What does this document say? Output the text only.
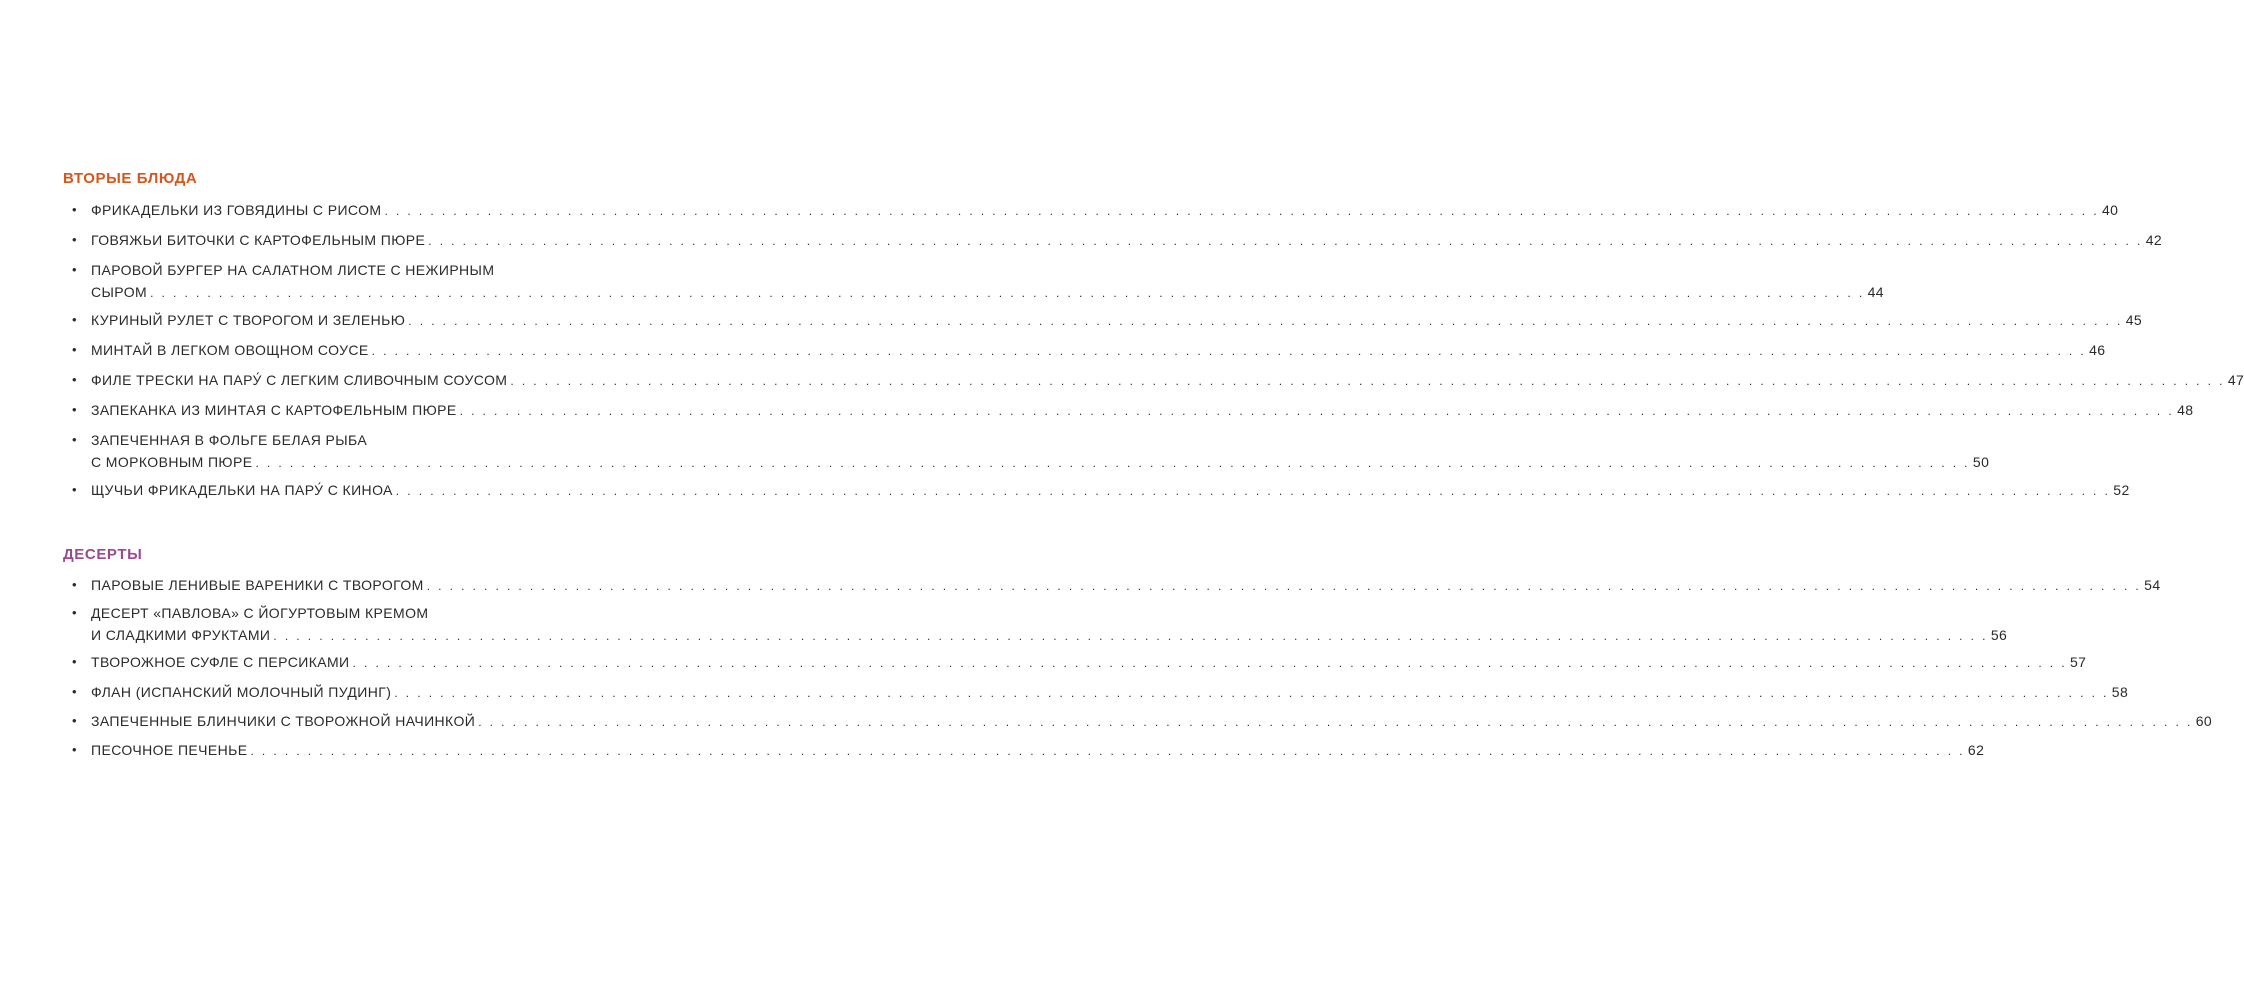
ВТОРЫЕ БЛЮДА
•	ФРИКАДЕЛЬКИ ИЗ ГОВЯДИНЫ С РИСОМ . . . . . . . . . . . . . . . . . . . . . . . . . . . . . . . . . . . . . . . . . . . . . . . . . . . . . . . . . . . . . . . . . . . . . . . . . . . . . . . . . . . . . . . . . . . . . . . . . . . . . . . . . . . . . . . . . . . . . . . . . . . . . . . . . . . . . . . . . . . . . . . . . . . . . . 40
•	ГОВЯЖЬИ БИТОЧКИ С КАРТОФЕЛЬНЫМ ПЮРЕ . . . . . . . . . . . . . . . . . . . . . . . . . . . . . . . . . . . . . . . . . . . . . . . . . . . . . . . . . . . . . . . . . . . . . . . . . . . . . . . . . . . . . . . . . . . . . . . . . . . . . . . . . . . . . . . . . . . . . . . . . . . . . . . . . . . . . . . . . . . . . . . . . . . . . . 42
•	ПАРОВОЙ БУРГЕР НА САЛАТНОМ ЛИСТЕ С НЕЖИРНЫМ
СЫРОМ . . . . . . . . . . . . . . . . . . . . . . . . . . . . . . . . . . . . . . . . . . . . . . . . . . . . . . . . . . . . . . . . . . . . . . . . . . . . . . . . . . . . . . . . . . . . . . . . . . . . . . . . . . . . . . . . . . . . . . . . . . . . . . . . . . . . . . . . . . . . . . . . . . . . . . 44
•	КУРИНЫЙ РУЛЕТ С ТВОРОГОМ И ЗЕЛЕНЬЮ . . . . . . . . . . . . . . . . . . . . . . . . . . . . . . . . . . . . . . . . . . . . . . . . . . . . . . . . . . . . . . . . . . . . . . . . . . . . . . . . . . . . . . . . . . . . . . . . . . . . . . . . . . . . . . . . . . . . . . . . . . . . . . . . . . . . . . . . . . . . . . . . . . . . . . 45
•	МИНТАЙ В ЛЕГКОМ ОВОЩНОМ СОУСЕ . . . . . . . . . . . . . . . . . . . . . . . . . . . . . . . . . . . . . . . . . . . . . . . . . . . . . . . . . . . . . . . . . . . . . . . . . . . . . . . . . . . . . . . . . . . . . . . . . . . . . . . . . . . . . . . . . . . . . . . . . . . . . . . . . . . . . . . . . . . . . . . . . . . . . . 46
•	ФИЛЕ ТРЕСКИ НА ПАРУ́ С ЛЕГКИМ СЛИВОЧНЫМ СОУСОМ . . . . . . . . . . . . . . . . . . . . . . . . . . . . . . . . . . . . . . . . . . . . . . . . . . . . . . . . . . . . . . . . . . . . . . . . . . . . . . . . . . . . . . . . . . . . . . . . . . . . . . . . . . . . . . . . . . . . . . . . . . . . . . . . . . . . . . . . . . . . . . . . . . . . . . 47
•	ЗАПЕКАНКА ИЗ МИНТАЯ С КАРТОФЕЛЬНЫМ ПЮРЕ . . . . . . . . . . . . . . . . . . . . . . . . . . . . . . . . . . . . . . . . . . . . . . . . . . . . . . . . . . . . . . . . . . . . . . . . . . . . . . . . . . . . . . . . . . . . . . . . . . . . . . . . . . . . . . . . . . . . . . . . . . . . . . . . . . . . . . . . . . . . . . . . . . . . . . 48
•	ЗАПЕЧЕННАЯ В ФОЛЬГЕ БЕЛАЯ РЫБА
С МОРКОВНЫМ ПЮРЕ . . . . . . . . . . . . . . . . . . . . . . . . . . . . . . . . . . . . . . . . . . . . . . . . . . . . . . . . . . . . . . . . . . . . . . . . . . . . . . . . . . . . . . . . . . . . . . . . . . . . . . . . . . . . . . . . . . . . . . . . . . . . . . . . . . . . . . . . . . . . . . . . . . . . . . 50
•	ЩУЧЬИ ФРИКАДЕЛЬКИ НА ПАРУ́ С КИНОА . . . . . . . . . . . . . . . . . . . . . . . . . . . . . . . . . . . . . . . . . . . . . . . . . . . . . . . . . . . . . . . . . . . . . . . . . . . . . . . . . . . . . . . . . . . . . . . . . . . . . . . . . . . . . . . . . . . . . . . . . . . . . . . . . . . . . . . . . . . . . . . . . . . . . . 52
ДЕСЕРТЫ
•	ПАРОВЫЕ ЛЕНИВЫЕ ВАРЕНИКИ С ТВОРОГОМ . . . . . . . . . . . . . . . . . . . . . . . . . . . . . . . . . . . . . . . . . . . . . . . . . . . . . . . . . . . . . . . . . . . . . . . . . . . . . . . . . . . . . . . . . . . . . . . . . . . . . . . . . . . . . . . . . . . . . . . . . . . . . . . . . . . . . . . . . . . . . . . . . . . . . . 54
•	ДЕСЕРТ «ПАВЛОВА» С ЙОГУРТОВЫМ КРЕМОМ
И СЛАДКИМИ ФРУКТАМИ . . . . . . . . . . . . . . . . . . . . . . . . . . . . . . . . . . . . . . . . . . . . . . . . . . . . . . . . . . . . . . . . . . . . . . . . . . . . . . . . . . . . . . . . . . . . . . . . . . . . . . . . . . . . . . . . . . . . . . . . . . . . . . . . . . . . . . . . . . . . . . . . . . . . . . 56
•	ТВОРОЖНОЕ СУФЛЕ С ПЕРСИКАМИ . . . . . . . . . . . . . . . . . . . . . . . . . . . . . . . . . . . . . . . . . . . . . . . . . . . . . . . . . . . . . . . . . . . . . . . . . . . . . . . . . . . . . . . . . . . . . . . . . . . . . . . . . . . . . . . . . . . . . . . . . . . . . . . . . . . . . . . . . . . . . . . . . . . . . . 57
•	ФЛАН (ИСПАНСКИЙ МОЛОЧНЫЙ ПУДИНГ) . . . . . . . . . . . . . . . . . . . . . . . . . . . . . . . . . . . . . . . . . . . . . . . . . . . . . . . . . . . . . . . . . . . . . . . . . . . . . . . . . . . . . . . . . . . . . . . . . . . . . . . . . . . . . . . . . . . . . . . . . . . . . . . . . . . . . . . . . . . . . . . . . . . . . . 58
•	ЗАПЕЧЕННЫЕ БЛИНЧИКИ С ТВОРОЖНОЙ НАЧИНКОЙ . . . . . . . . . . . . . . . . . . . . . . . . . . . . . . . . . . . . . . . . . . . . . . . . . . . . . . . . . . . . . . . . . . . . . . . . . . . . . . . . . . . . . . . . . . . . . . . . . . . . . . . . . . . . . . . . . . . . . . . . . . . . . . . . . . . . . . . . . . . . . . . . . . . . . . 60
•	ПЕСОЧНОЕ ПЕЧЕНЬЕ . . . . . . . . . . . . . . . . . . . . . . . . . . . . . . . . . . . . . . . . . . . . . . . . . . . . . . . . . . . . . . . . . . . . . . . . . . . . . . . . . . . . . . . . . . . . . . . . . . . . . . . . . . . . . . . . . . . . . . . . . . . . . . . . . . . . . . . . . . . . . . . . . . . . . . 62
